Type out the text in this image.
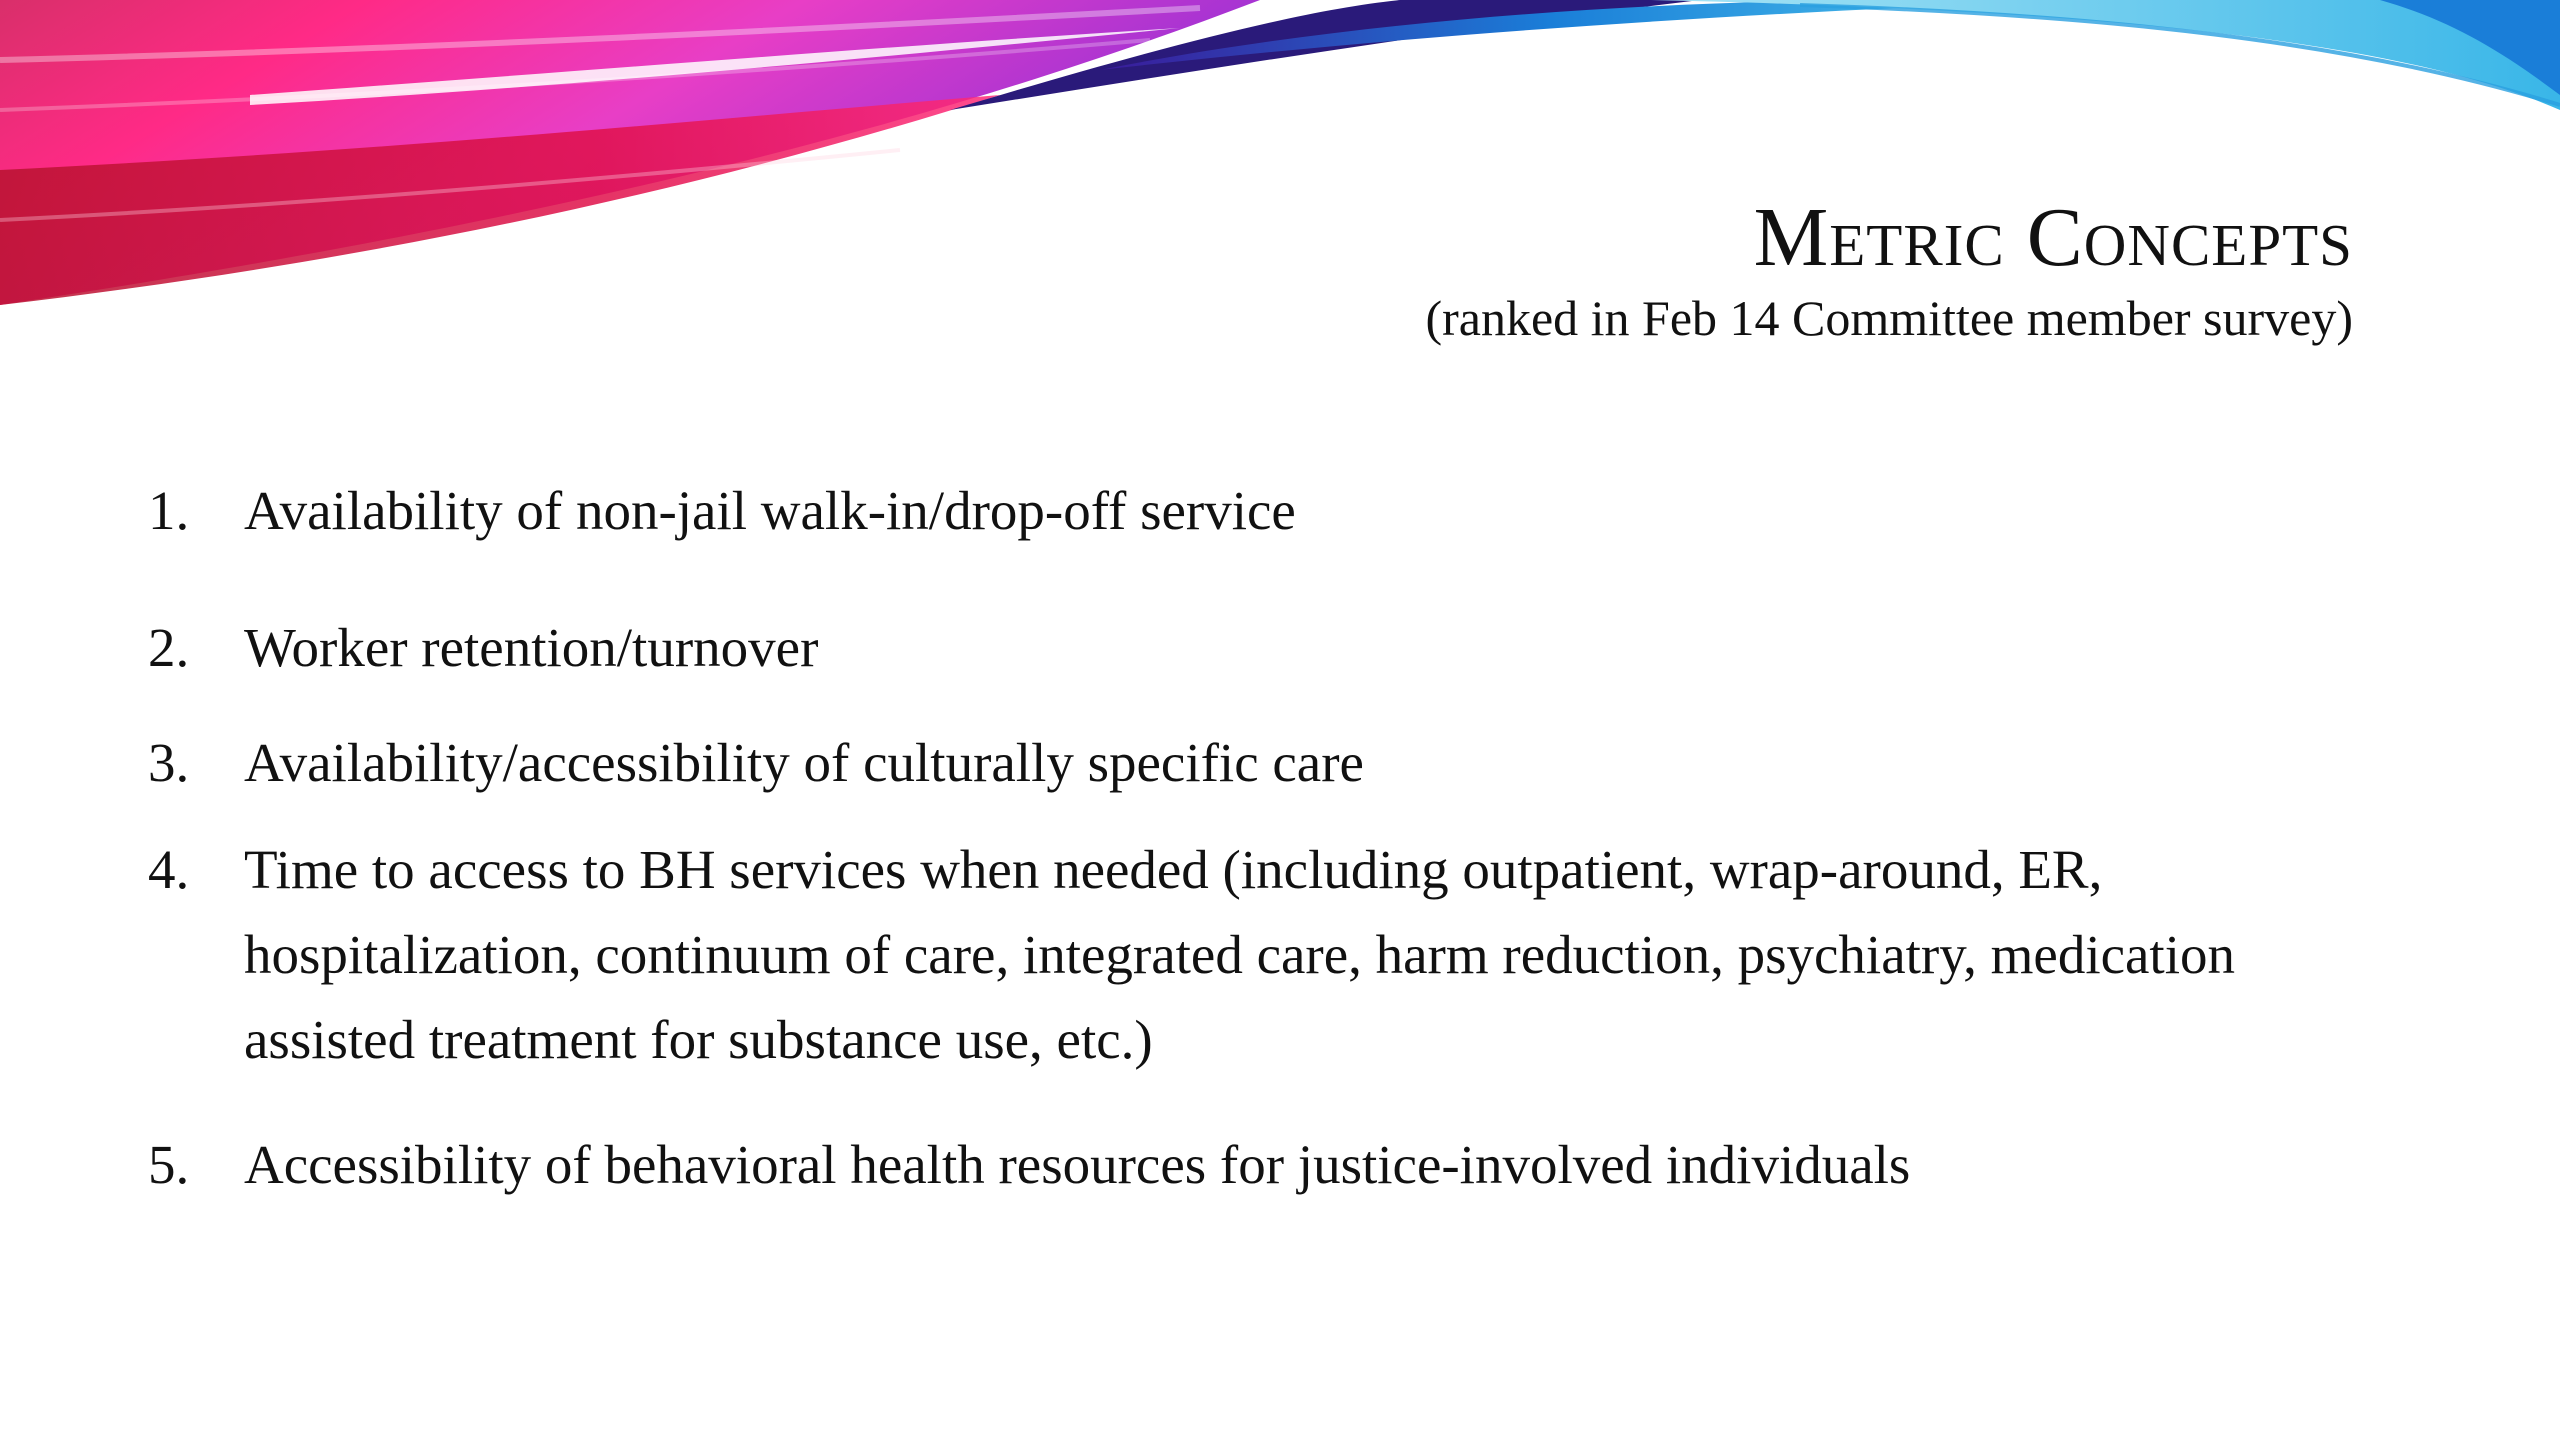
Metric Concepts

(ranked in Feb 14 Committee member survey)

1. Availability of non-jail walk-in/drop-off service
2. Worker retention/turnover
3. Availability/accessibility of culturally specific care
4. Time to access to BH services when needed (including outpatient, wrap-around, ER, hospitalization, continuum of care, integrated care, harm reduction, psychiatry, medication assisted treatment for substance use, etc.)
5. Accessibility of behavioral health resources for justice-involved individuals
